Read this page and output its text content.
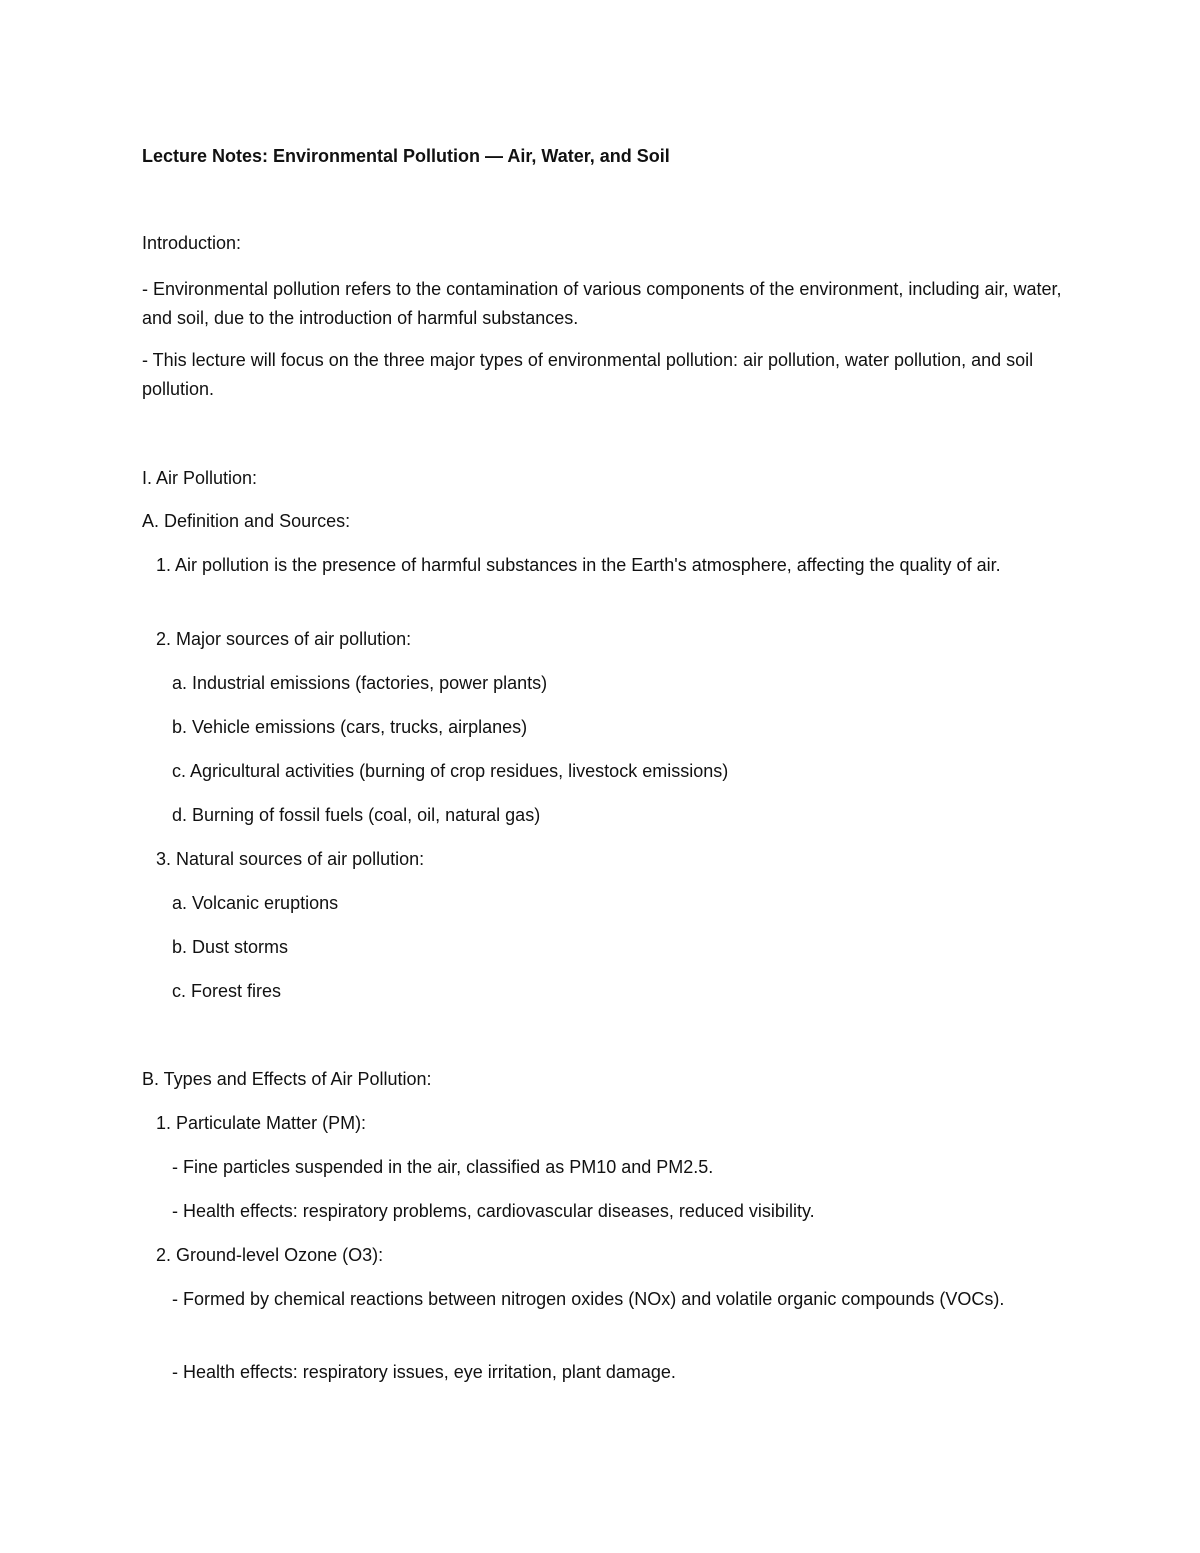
Lecture Notes: Environmental Pollution — Air, Water, and Soil

Introduction:

- Environmental pollution refers to the contamination of various components of the environment, including air, water, and soil, due to the introduction of harmful substances.

- This lecture will focus on the three major types of environmental pollution: air pollution, water pollution, and soil pollution.

I. Air Pollution:

A. Definition and Sources:

1. Air pollution is the presence of harmful substances in the Earth's atmosphere, affecting the quality of air.

2. Major sources of air pollution:

a. Industrial emissions (factories, power plants)

b. Vehicle emissions (cars, trucks, airplanes)

c. Agricultural activities (burning of crop residues, livestock emissions)

d. Burning of fossil fuels (coal, oil, natural gas)

3. Natural sources of air pollution:

a. Volcanic eruptions

b. Dust storms

c. Forest fires

B. Types and Effects of Air Pollution:

1. Particulate Matter (PM):

- Fine particles suspended in the air, classified as PM10 and PM2.5.

- Health effects: respiratory problems, cardiovascular diseases, reduced visibility.

2. Ground-level Ozone (O3):

- Formed by chemical reactions between nitrogen oxides (NOx) and volatile organic compounds (VOCs).

- Health effects: respiratory issues, eye irritation, plant damage.
